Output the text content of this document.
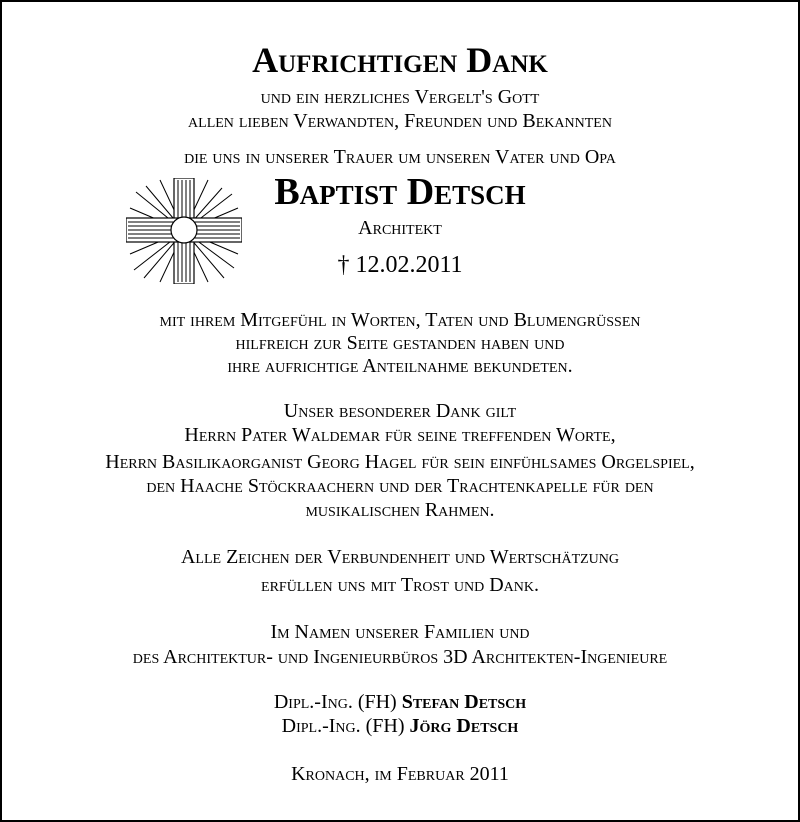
Aufrichtigen Dank
und ein herzliches Vergelt's Gott
allen lieben Verwandten, Freunden und Bekannten
die uns in unserer Trauer um unseren Vater und Opa
Baptist Detsch
Architekt
† 12.02.2011
mit ihrem Mitgefühl in Worten, Taten und Blumengrüssen
hilfreich zur Seite gestanden haben und
ihre aufrichtige Anteilnahme bekundeten.
Unser besonderer Dank gilt
Herrn Pater Waldemar für seine treffenden Worte,
Herrn Basilikaorganist Georg Hagel für sein einfühlsames Orgelspiel,
den Haache Stöckraachern und der Trachtenkapelle für den
musikalischen Rahmen.
Alle Zeichen der Verbundenheit und Wertschätzung
erfüllen uns mit Trost und Dank.
Im Namen unserer Familien und
des Architektur- und Ingenieurbüros 3D Architekten-Ingenieure
Dipl.-Ing. (FH) Stefan Detsch
Dipl.-Ing. (FH) Jörg Detsch
Kronach, im Februar 2011
